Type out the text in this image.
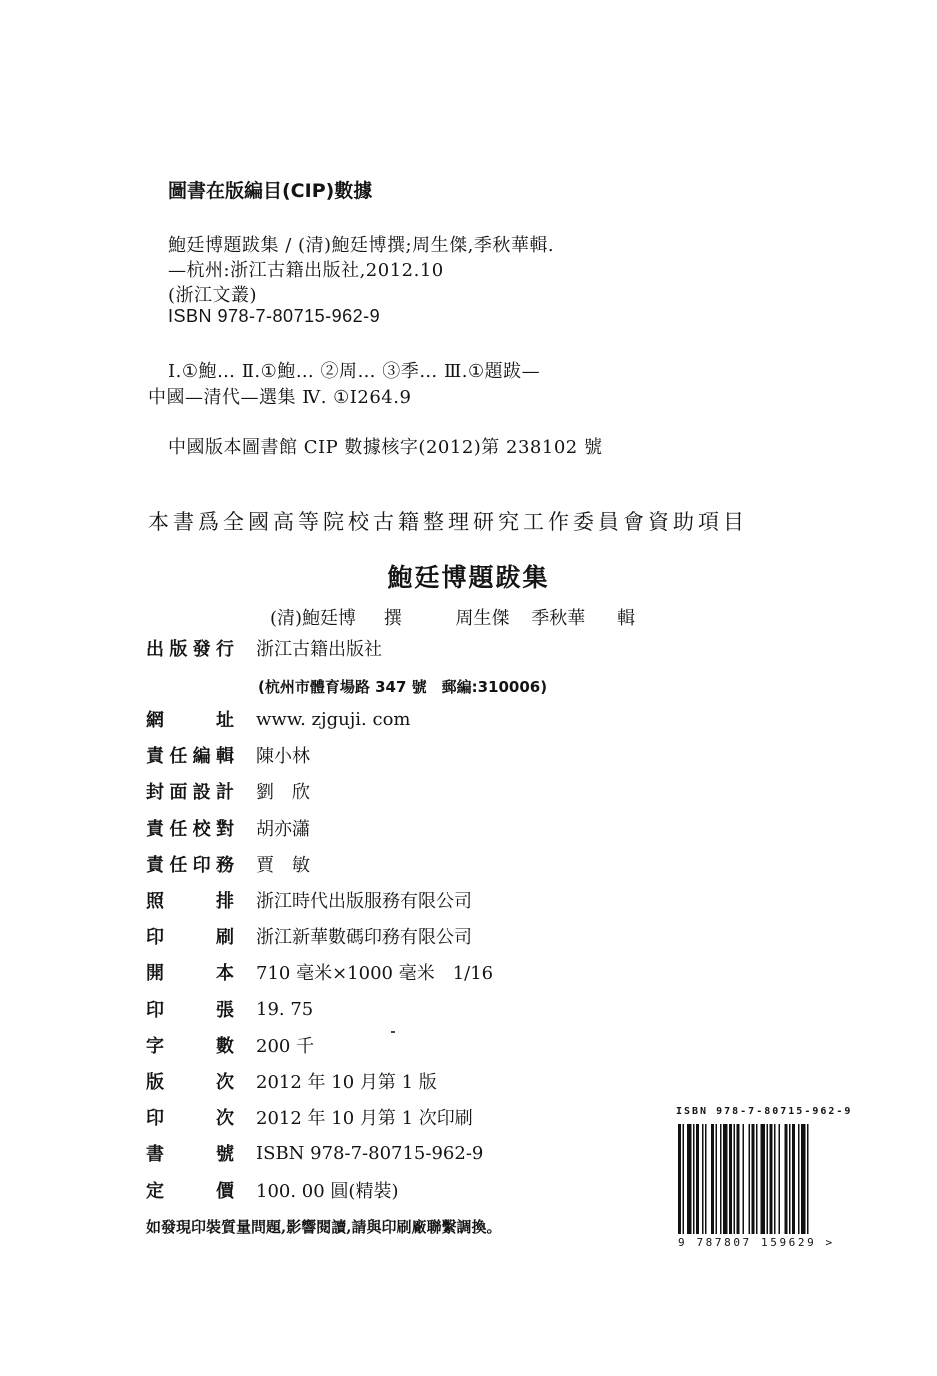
圖書在版編目(CIP)數據
鮑廷博題跋集 / (清)鮑廷博撰;周生傑,季秋華輯.
—杭州:浙江古籍出版社,2012.10
(浙江文叢)
ISBN 978-7-80715-962-9
Ⅰ.①鮑… Ⅱ.①鮑… ②周… ③季… Ⅲ.①題跋—
中國—清代—選集 Ⅳ. ①I264.9
中國版本圖書館 CIP 數據核字(2012)第 238102 號
本書爲全國高等院校古籍整理研究工作委員會資助項目
鮑廷博題跋集
(清)鮑廷博 撰	周生傑 季秋華 輯
出 版 發 行 浙江古籍出版社
(杭州市體育場路 347 號　郵編:310006)
網	址 www. zjguji. com
責 任 編 輯 陳小林
封 面 設 計 劉　欣
責 任 校 對 胡亦瀟
責 任 印 務 賈　敏
照	排 浙江時代出版服務有限公司
印	刷 浙江新華數碼印務有限公司
開	本 710 毫米×1000 毫米　1/16
印	張 19. 75
字	數 200 千
版	次 2012 年 10 月第 1 版
印	次 2012 年 10 月第 1 次印刷
書	號 ISBN 978-7-80715-962-9
定	價 100. 00 圓(精裝)
如發現印裝質量問題,影響閱讀,請與印刷廠聯繫調換。
ISBN 978-7-80715-962-9
9 787807 159629 >
